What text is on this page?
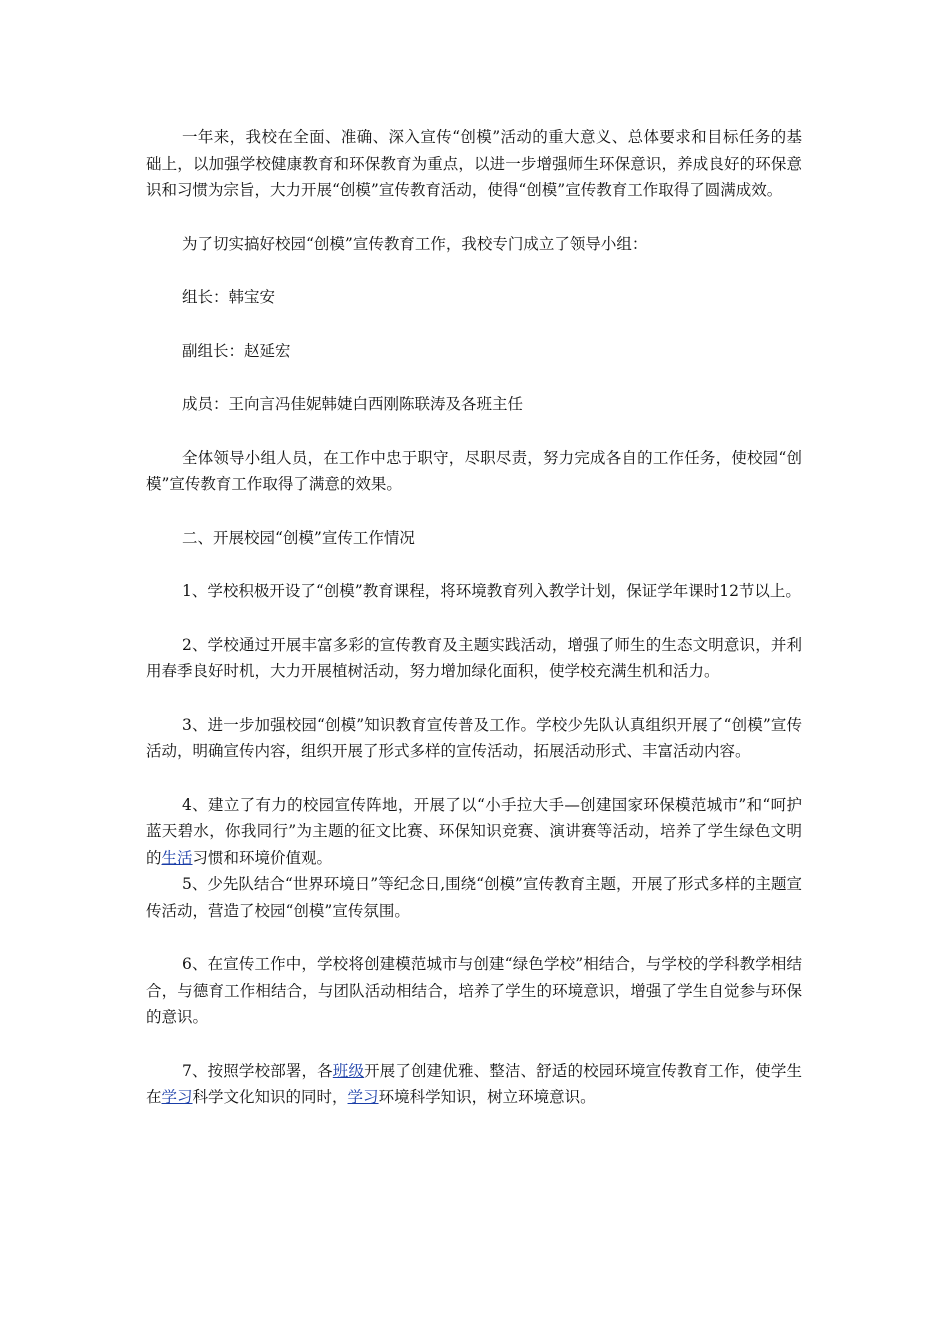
一年来，我校在全面、准确、深入宣传“创模”活动的重大意义、总体要求和目标任务的基础上，以加强学校健康教育和环保教育为重点，以进一步增强师生环保意识，养成良好的环保意识和习惯为宗旨，大力开展“创模”宣传教育活动，使得“创模”宣传教育工作取得了圆满成效。

为了切实搞好校园“创模”宣传教育工作，我校专门成立了领导小组：

组长：韩宝安

副组长：赵延宏

成员：王向言冯佳妮韩婕白西刚陈联涛及各班主任

全体领导小组人员，在工作中忠于职守，尽职尽责，努力完成各自的工作任务，使校园“创模”宣传教育工作取得了满意的效果。

二、开展校园“创模”宣传工作情况

1、学校积极开设了“创模”教育课程，将环境教育列入教学计划，保证学年课时12节以上。

2、学校通过开展丰富多彩的宣传教育及主题实践活动，增强了师生的生态文明意识，并利用春季良好时机，大力开展植树活动，努力增加绿化面积，使学校充满生机和活力。

3、进一步加强校园“创模”知识教育宣传普及工作。学校少先队认真组织开展了“创模”宣传活动，明确宣传内容，组织开展了形式多样的宣传活动，拓展活动形式、丰富活动内容。

4、建立了有力的校园宣传阵地，开展了以“小手拉大手—创建国家环保模范城市”和“呵护蓝天碧水，你我同行”为主题的征文比赛、环保知识竞赛、演讲赛等活动，培养了学生绿色文明的生活习惯和环境价值观。

5、少先队结合“世界环境日”等纪念日,围绕“创模”宣传教育主题，开展了形式多样的主题宣传活动，营造了校园“创模”宣传氛围。

6、在宣传工作中，学校将创建模范城市与创建“绿色学校”相结合，与学校的学科教学相结合，与德育工作相结合，与团队活动相结合，培养了学生的环境意识，增强了学生自觉参与环保的意识。

7、按照学校部署，各班级开展了创建优雅、整洁、舒适的校园环境宣传教育工作，使学生在学习科学文化知识的同时，学习环境科学知识，树立环境意识。
